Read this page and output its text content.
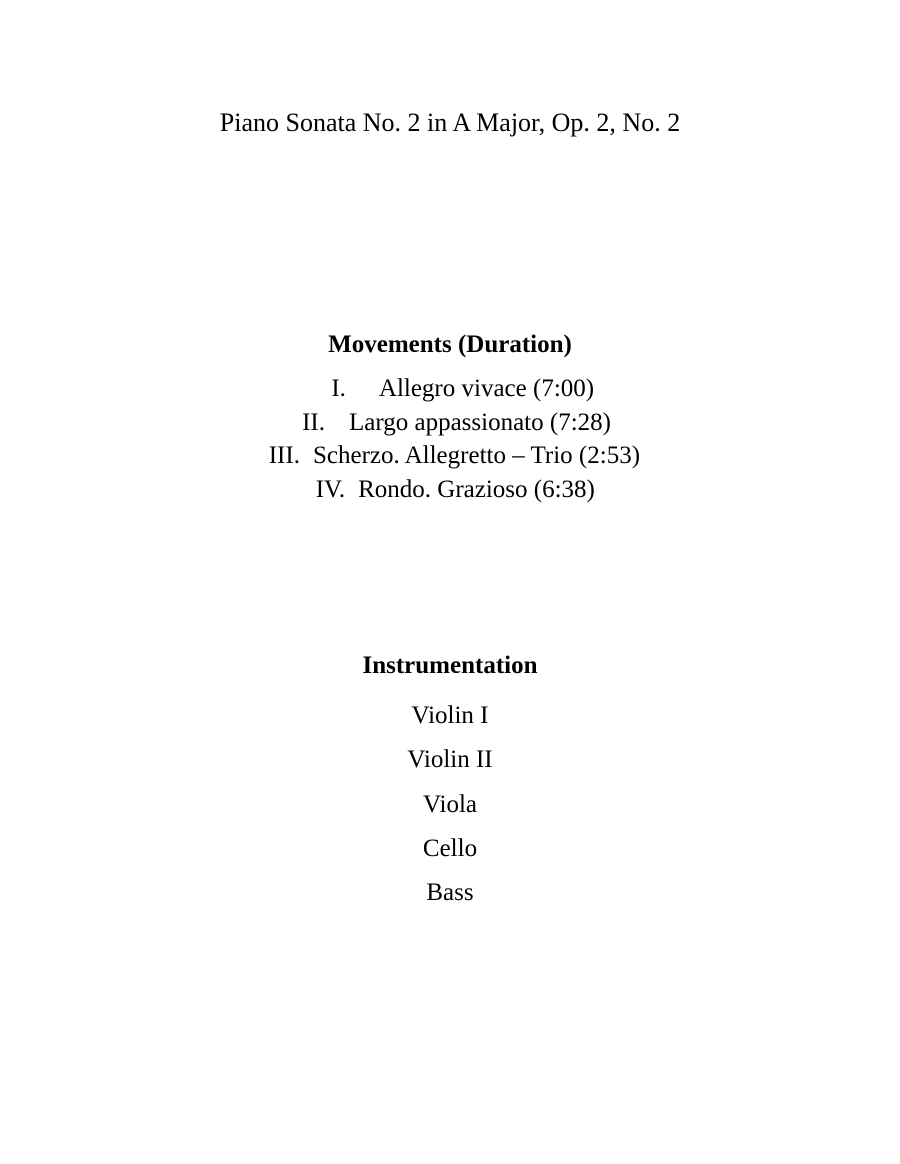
Piano Sonata No. 2 in A Major, Op. 2, No. 2
Movements (Duration)
I. Allegro vivace (7:00)
II. Largo appassionato (7:28)
III. Scherzo. Allegretto – Trio (2:53)
IV. Rondo. Grazioso (6:38)
Instrumentation
Violin I
Violin II
Viola
Cello
Bass
